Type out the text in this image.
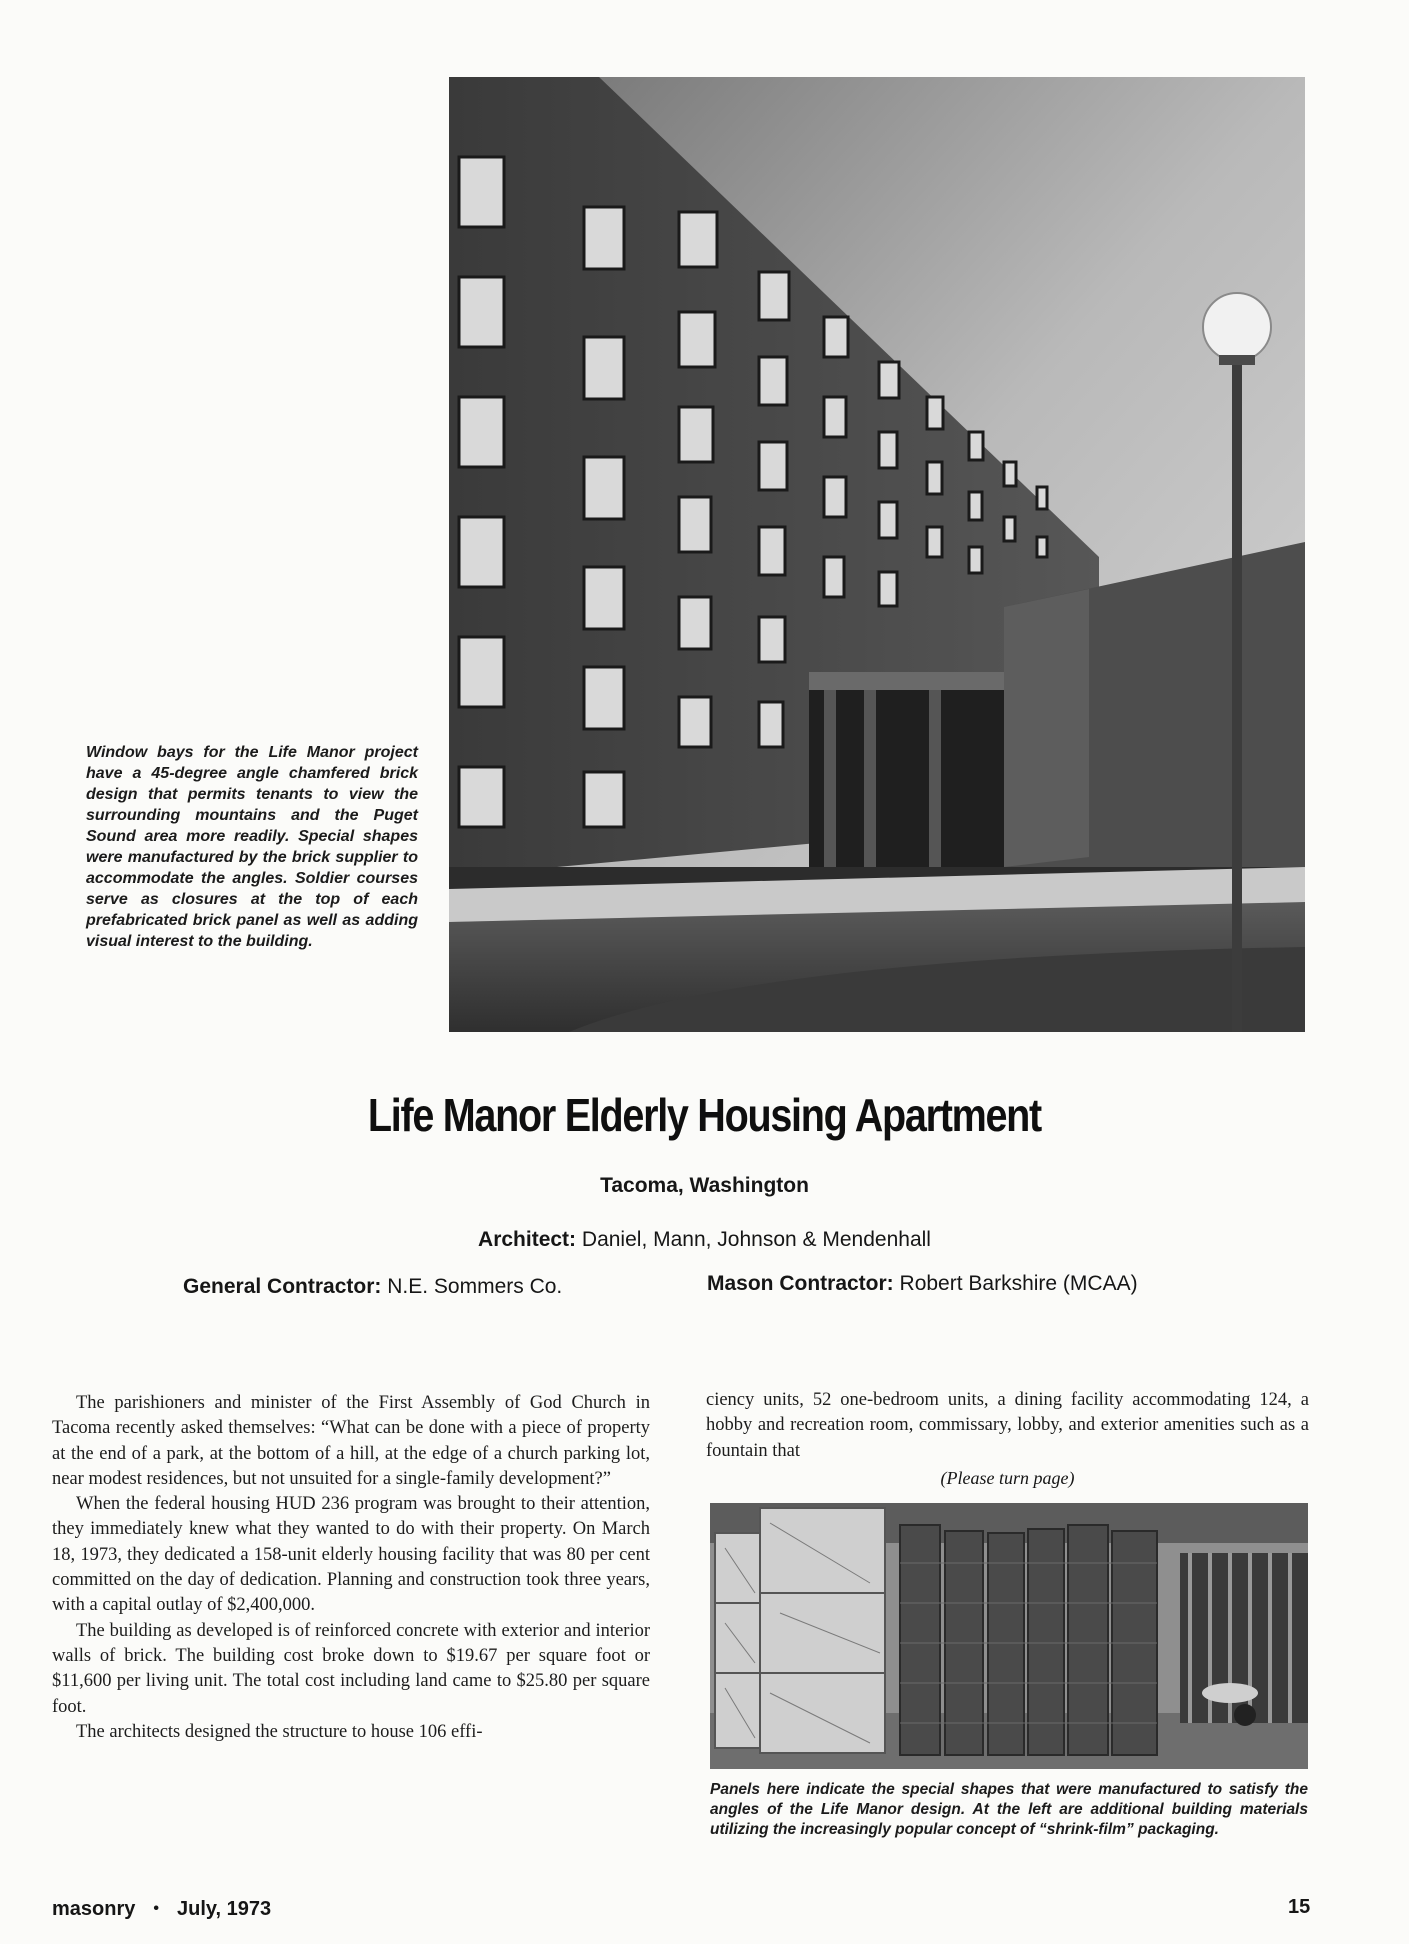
Window bays for the Life Manor project have a 45-degree angle chamfered brick design that permits tenants to view the surrounding mountains and the Puget Sound area more readily. Special shapes were manufactured by the brick supplier to accommodate the angles. Soldier courses serve as closures at the top of each prefabricated brick panel as well as adding visual interest to the building.
Life Manor Elderly Housing Apartment
Tacoma, Washington
Architect: Daniel, Mann, Johnson & Mendenhall
General Contractor: N.E. Sommers Co.	Mason Contractor: Robert Barkshire (MCAA)

The parishioners and minister of the First Assembly of God Church in Tacoma recently asked themselves: “What can be done with a piece of property at the end of a park, at the bottom of a hill, at the edge of a church parking lot, near modest residences, but not unsuited for a single-family development?”

When the federal housing HUD 236 program was brought to their attention, they immediately knew what they wanted to do with their property. On March 18, 1973, they dedicated a 158-unit elderly housing facility that was 80 per cent committed on the day of dedication. Planning and construction took three years, with a capital outlay of $2,400,000.

The building as developed is of reinforced concrete with exterior and interior walls of brick. The building cost broke down to $19.67 per square foot or $11,600 per living unit. The total cost including land came to $25.80 per square foot.

The architects designed the structure to house 106 effi-

ciency units, 52 one-bedroom units, a dining facility accommodating 124, a hobby and recreation room, commissary, lobby, and exterior amenities such as a fountain that

(Please turn page)
Panels here indicate the special shapes that were manufactured to satisfy the angles of the Life Manor design. At the left are additional building materials utilizing the increasingly popular concept of “shrink-film” packaging.
masonry • July, 1973	15
